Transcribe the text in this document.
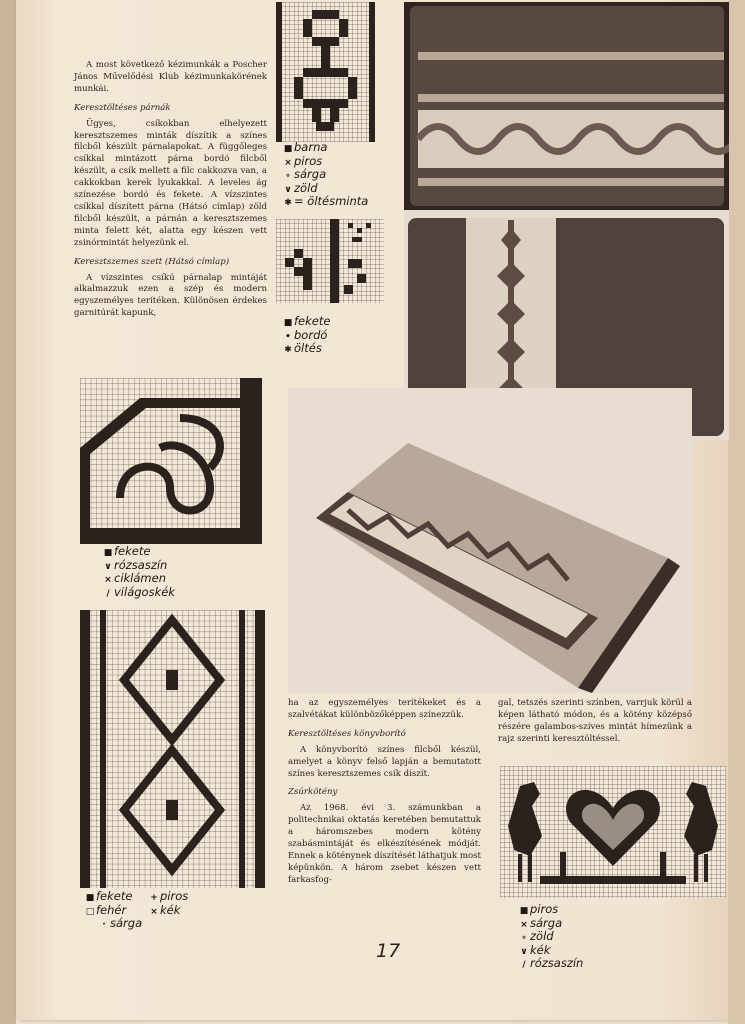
A most következő kézimunkák a Poscher János Művelődési Klub kézimunkakörének munkái.

Keresztöltéses párnák

Ügyes, csíkokban elhelyezett keresztszemes minták díszítik a színes filcből készült párnalapokat. A függőleges csíkkal mintázott párna bordó filcből készült, a csík mellett a filc cakkozva van, a cakkokban kerek lyukakkal. A leveles ág színezése bordó és fekete. A vízszintes csíkkal díszített párna (Hátsó címlap) zöld filcből készült, a párnán a keresztszemes minta felett két, alatta egy készen vett zsinórmintát helyezünk el.

Keresztszemes szett (Hátsó címlap)

A vízszintes csíkú párnalap mintáját alkalmazzuk ezen a szép és modern egyszemélyes terítéken. Különösen érdekes garnitúrát kapunk,

■ barna
× piros
∘ sárga
∨ zöld
✱ = öltésminta
■ fekete
• bordó
✱ öltés
■ fekete
∨ rózsaszín
× ciklámen
/ világoskék
■ fekete
□ fehér
· sárga
+ piros
× kék

ha az egyszemélyes terítékeket és a szalvétákat különbözőképpen színezzük.

Keresztöltéses könyvborító

A könyvborító színes filcből készül, amelyet a könyv felső lapján a bemutatott színes keresztszemes csík díszít.

Zsúrkötény

Az 1968. évi 3. számunkban a politechnikai oktatás keretében bemutattuk a háromszebes modern kötény szabásmintáját és elkészítésének módját. Ennek a köténynek díszítését láthatjuk most képünkön. A három zsebet készen vett farkasfog-

gal, tetszés szerinti színben, varrjuk körül a képen látható módon, és a kötény középső részére galambos-szíves mintát hímezünk a rajz szerinti keresztöltéssel.

■ piros
× sárga
∘ zöld
∨ kék
/ rózsaszín
17
